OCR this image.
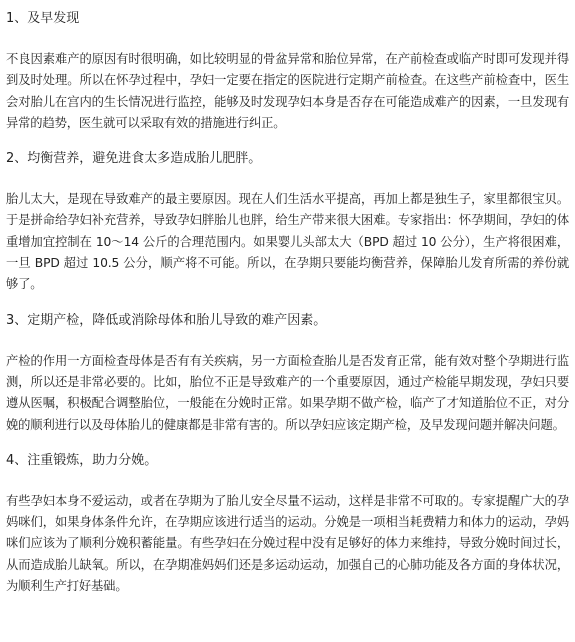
1、及早发现

不良因素难产的原因有时很明确，如比较明显的骨盆异常和胎位异常，在产前检查或临产时即可发现并得到及时处理。所以在怀孕过程中，孕妇一定要在指定的医院进行定期产前检查。在这些产前检查中，医生会对胎儿在宫内的生长情况进行监控，能够及时发现孕妇本身是否存在可能造成难产的因素，一旦发现有异常的趋势，医生就可以采取有效的措施进行纠正。

2、均衡营养，避免进食太多造成胎儿肥胖。

胎儿太大，是现在导致难产的最主要原因。现在人们生活水平提高，再加上都是独生子，家里都很宝贝。于是拼命给孕妇补充营养，导致孕妇胖胎儿也胖，给生产带来很大困难。专家指出：怀孕期间，孕妇的体重增加宜控制在 10～14 公斤的合理范围内。如果婴儿头部太大（BPD 超过 10 公分），生产将很困难，一旦 BPD 超过 10.5 公分，顺产将不可能。所以，在孕期只要能均衡营养，保障胎儿发育所需的养份就够了。

3、定期产检，降低或消除母体和胎儿导致的难产因素。

产检的作用一方面检查母体是否有有关疾病，另一方面检查胎儿是否发育正常，能有效对整个孕期进行监测，所以还是非常必要的。比如，胎位不正是导致难产的一个重要原因，通过产检能早期发现，孕妇只要遵从医嘱，积极配合调整胎位，一般能在分娩时正常。如果孕期不做产检，临产了才知道胎位不正，对分娩的顺利进行以及母体胎儿的健康都是非常有害的。所以孕妇应该定期产检，及早发现问题并解决问题。

4、注重锻炼，助力分娩。

有些孕妇本身不爱运动，或者在孕期为了胎儿安全尽量不运动，这样是非常不可取的。专家提醒广大的孕妈咪们，如果身体条件允许，在孕期应该进行适当的运动。分娩是一项相当耗费精力和体力的运动，孕妈咪们应该为了顺利分娩积蓄能量。有些孕妇在分娩过程中没有足够好的体力来维持，导致分娩时间过长，从而造成胎儿缺氧。所以，在孕期准妈妈们还是多运动运动，加强自己的心肺功能及各方面的身体状况，为顺利生产打好基础。
